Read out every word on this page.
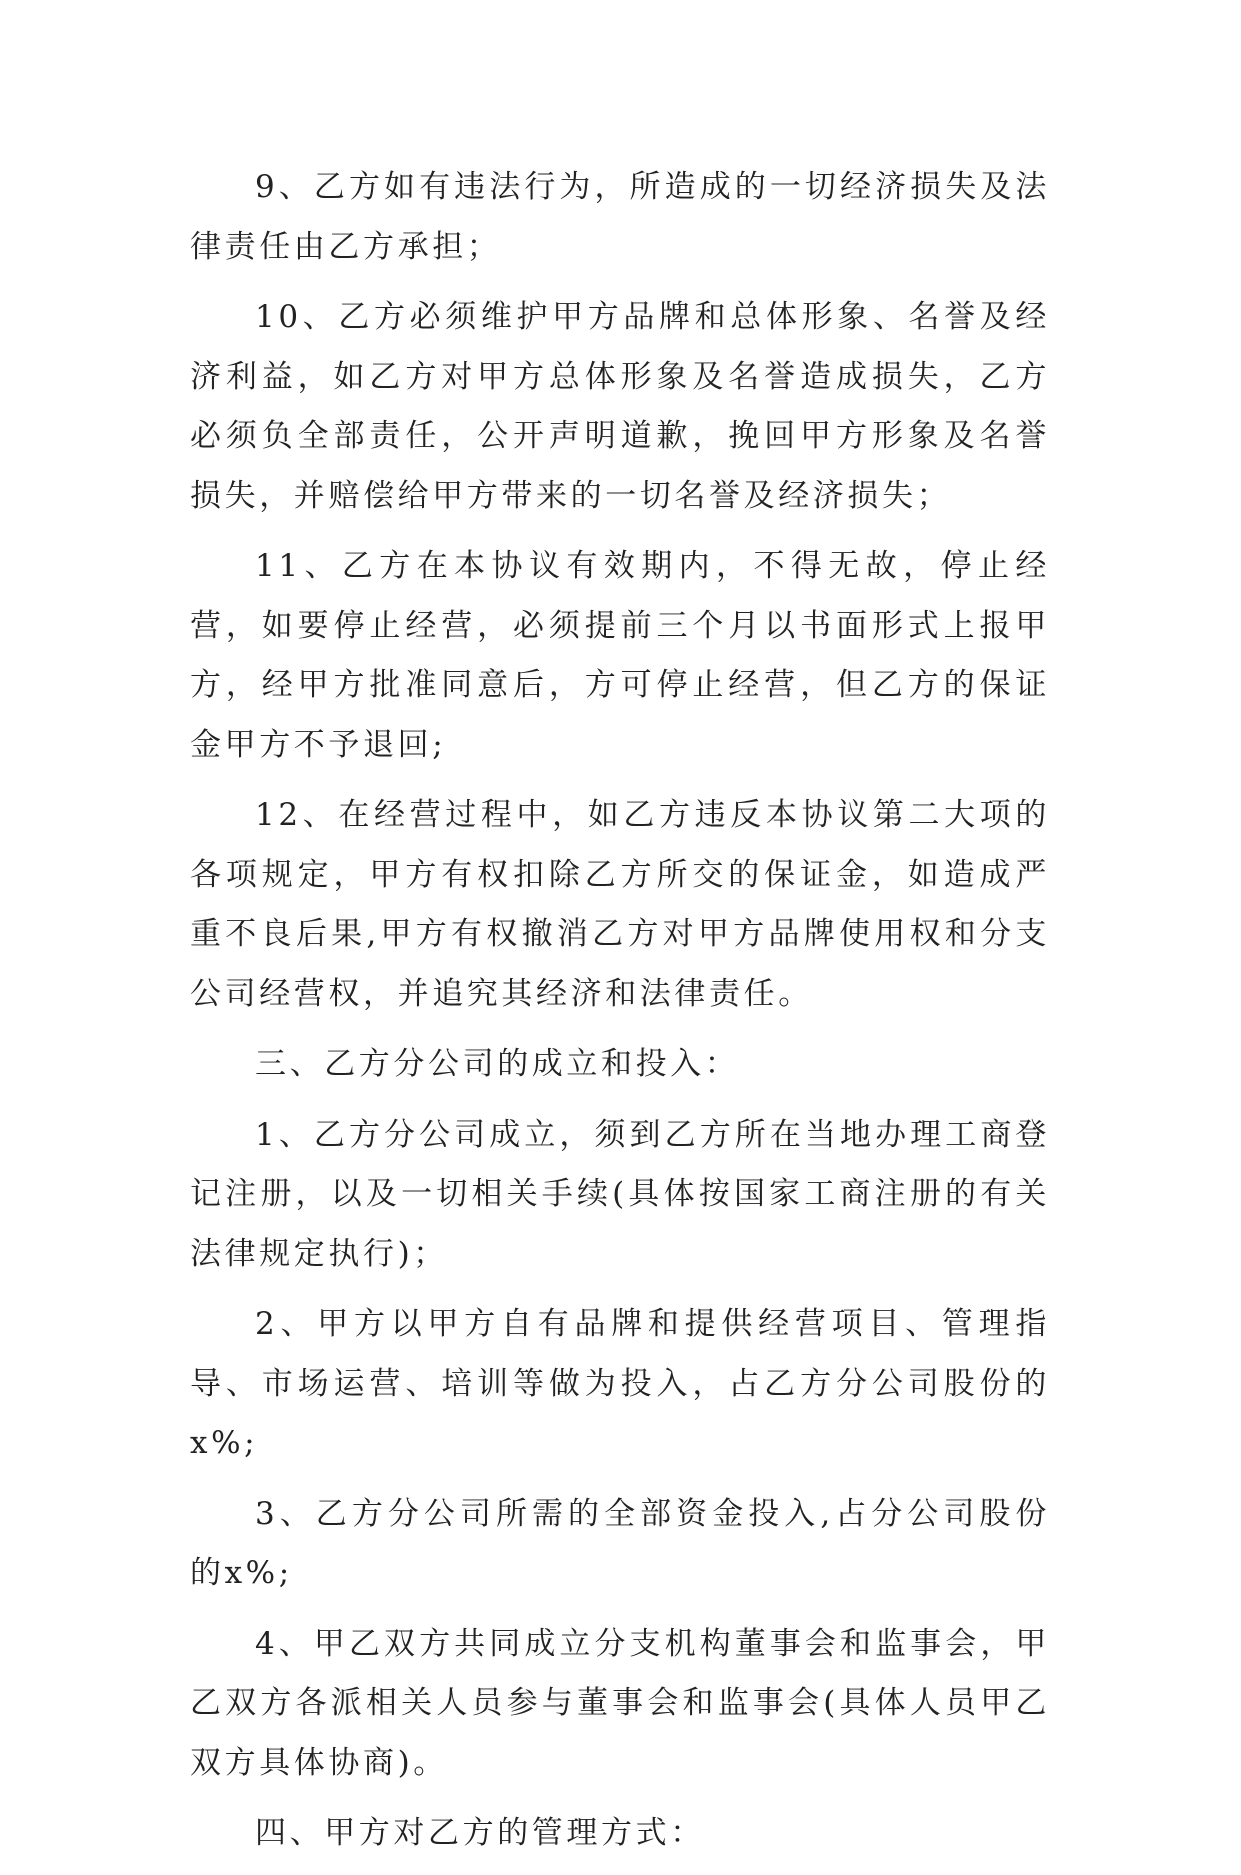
9、乙方如有违法行为，所造成的一切经济损失及法律责任由乙方承担；

10、乙方必须维护甲方品牌和总体形象、名誉及经济利益，如乙方对甲方总体形象及名誉造成损失，乙方必须负全部责任，公开声明道歉，挽回甲方形象及名誉损失，并赔偿给甲方带来的一切名誉及经济损失；

11、乙方在本协议有效期内，不得无故，停止经营，如要停止经营，必须提前三个月以书面形式上报甲方，经甲方批准同意后，方可停止经营，但乙方的保证金甲方不予退回;

12、在经营过程中，如乙方违反本协议第二大项的各项规定，甲方有权扣除乙方所交的保证金，如造成严重不良后果,甲方有权撤消乙方对甲方品牌使用权和分支公司经营权，并追究其经济和法律责任。

三、乙方分公司的成立和投入：

1、乙方分公司成立，须到乙方所在当地办理工商登记注册，以及一切相关手续(具体按国家工商注册的有关法律规定执行)；

2、甲方以甲方自有品牌和提供经营项目、管理指导、市场运营、培训等做为投入，占乙方分公司股份的x%;

3、乙方分公司所需的全部资金投入,占分公司股份的x%;

4、甲乙双方共同成立分支机构董事会和监事会，甲乙双方各派相关人员参与董事会和监事会(具体人员甲乙双方具体协商)。

四、甲方对乙方的管理方式：
